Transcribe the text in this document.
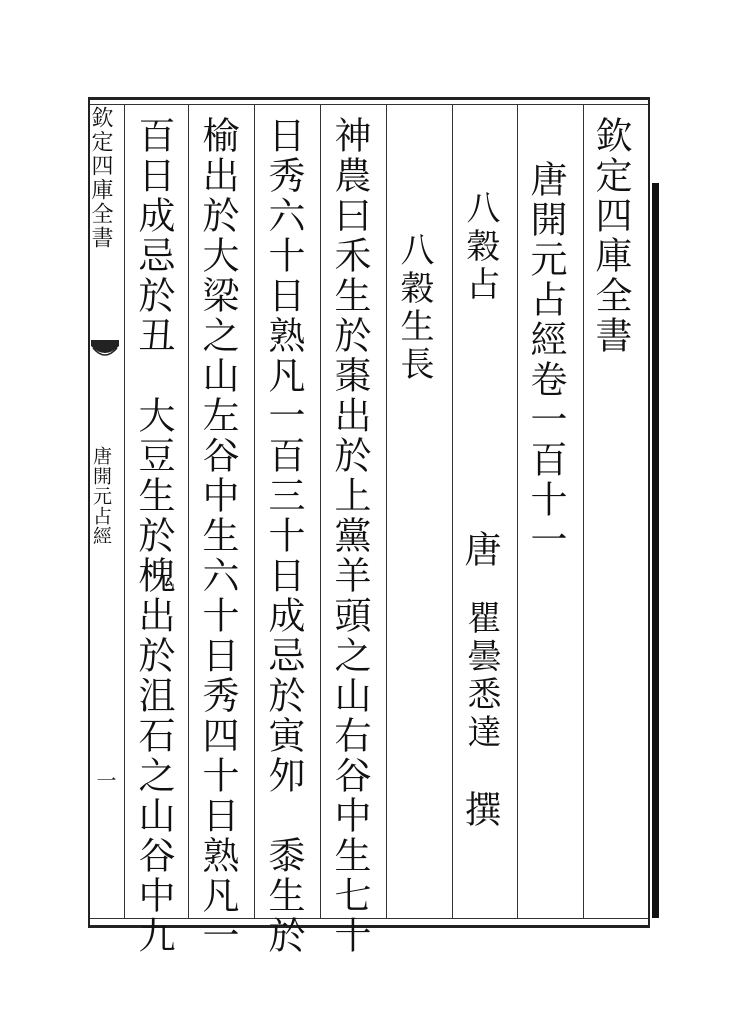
欽定四庫全書
唐開元占經
一
欽定四庫全書
唐開元占經卷一百十一
唐
瞿曇悉達
撰
八穀占
八穀生長
神農曰禾生於棗出於上黨羊頭之山右谷中生七十
日秀六十日熟凡一百三十日成忌於寅夘　黍生於
榆出於大梁之山左谷中生六十日秀四十日熟凡一
百日成忌於丑　大豆生於槐出於沮石之山谷中九
